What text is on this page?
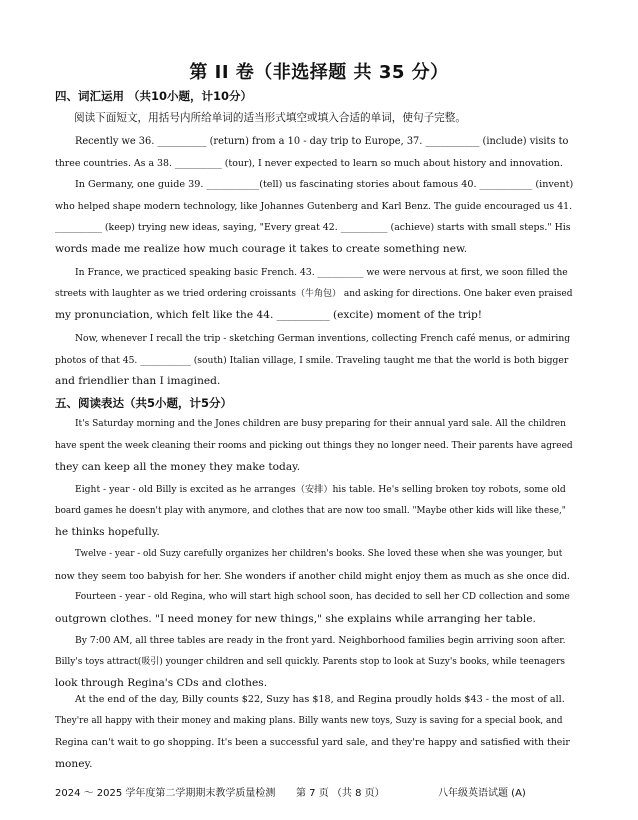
第 II 卷（非选择题 共 35 分）
四、词汇运用 （共10小题，计10分）
阅读下面短文，用括号内所给单词的适当形式填空或填入合适的单词，使句子完整。
Recently we 36. __________ (return) from a 10 - day trip to Europe, 37. ___________ (include) visits to
three countries. As a 38. __________ (tour), I never expected to learn so much about history and innovation.
In Germany, one guide 39. ___________(tell) us fascinating stories about famous 40. ___________ (invent)
who helped shape modern technology, like Johannes Gutenberg and Karl Benz. The guide encouraged us 41.
__________ (keep) trying new ideas, saying, "Every great 42. __________ (achieve) starts with small steps." His
words made me realize how much courage it takes to create something new.
In France, we practiced speaking basic French. 43. __________ we were nervous at first, we soon filled the
streets with laughter as we tried ordering croissants（牛角包） and asking for directions. One baker even praised
my pronunciation, which felt like the 44. __________ (excite) moment of the trip!
Now, whenever I recall the trip - sketching German inventions, collecting French café menus, or admiring
photos of that 45. ___________ (south) Italian village, I smile. Traveling taught me that the world is both bigger
and friendlier than I imagined.
五、阅读表达（共5小题，计5分）
It's Saturday morning and the Jones children are busy preparing for their annual yard sale. All the children
have spent the week cleaning their rooms and picking out things they no longer need. Their parents have agreed
they can keep all the money they make today.
Eight - year - old Billy is excited as he arranges（安排）his table. He's selling broken toy robots, some old
board games he doesn't play with anymore, and clothes that are now too small. "Maybe other kids will like these,"
he thinks hopefully.
Twelve - year - old Suzy carefully organizes her children's books. She loved these when she was younger, but
now they seem too babyish for her. She wonders if another child might enjoy them as much as she once did.
Fourteen - year - old Regina, who will start high school soon, has decided to sell her CD collection and some
outgrown clothes. "I need money for new things," she explains while arranging her table.
By 7:00 AM, all three tables are ready in the front yard. Neighborhood families begin arriving soon after.
Billy's toys attract(吸引) younger children and sell quickly. Parents stop to look at Suzy's books, while teenagers
look through Regina's CDs and clothes.
At the end of the day, Billy counts $22, Suzy has $18, and Regina proudly holds $43 - the most of all.
They're all happy with their money and making plans. Billy wants new toys, Suzy is saving for a special book, and
Regina can't wait to go shopping. It's been a successful yard sale, and they're happy and satisfied with their
money.
2024 ～ 2025 学年度第二学期期末教学质量检测 第 7 页 （共 8 页）	八年级英语试题 (A)
